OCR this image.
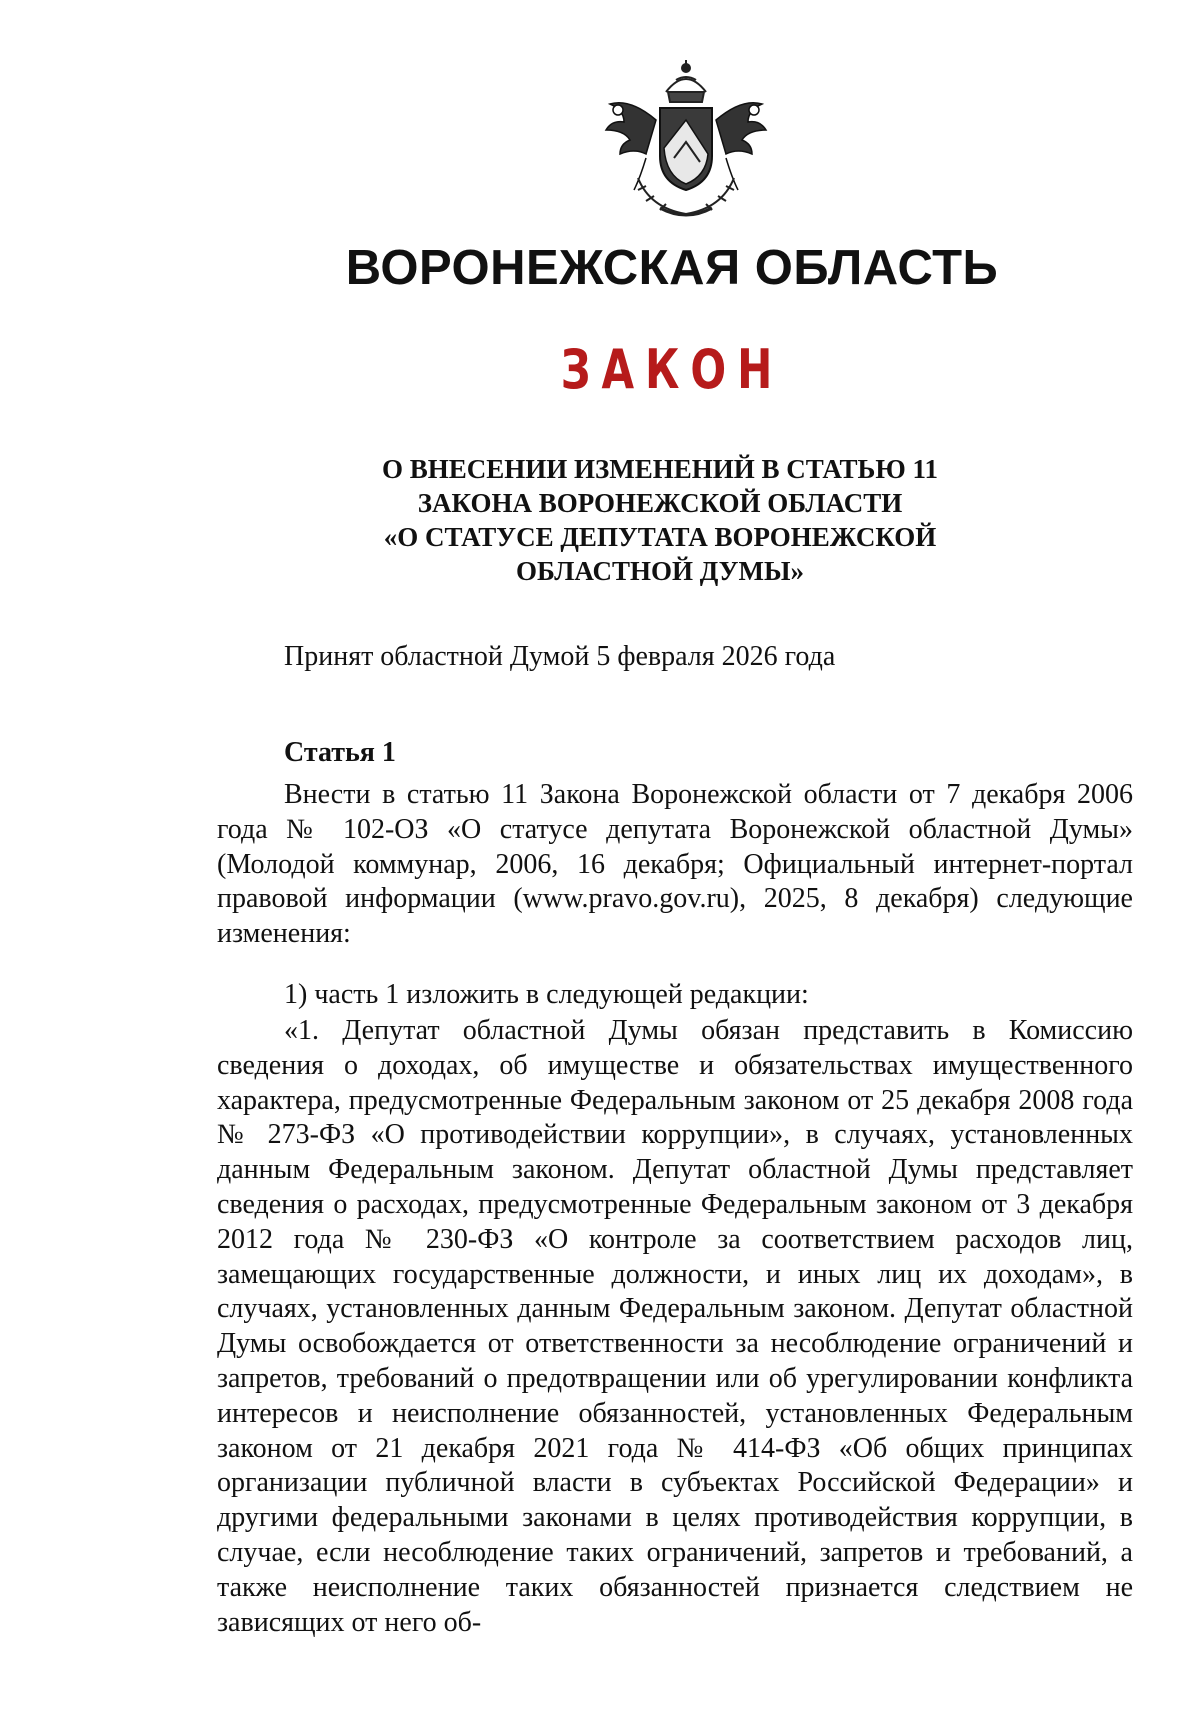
ВОРОНЕЖСКАЯ ОБЛАСТЬ
ЗАКОН
О ВНЕСЕНИИ ИЗМЕНЕНИЙ В СТАТЬЮ 11
ЗАКОНА ВОРОНЕЖСКОЙ ОБЛАСТИ
«О СТАТУСЕ ДЕПУТАТА ВОРОНЕЖСКОЙ
ОБЛАСТНОЙ ДУМЫ»
Принят областной Думой 5 февраля 2026 года
Статья 1

Внести в статью 11 Закона Воронежской области от 7 декабря 2006 года № 102-ОЗ «О статусе депутата Воронежской областной Думы» (Молодой коммунар, 2006, 16 декабря; Официальный интернет-портал правовой информации (www.pravo.gov.ru), 2025, 8 декабря) следующие изменения:

1) часть 1 изложить в следующей редакции:

«1. Депутат областной Думы обязан представить в Комиссию сведения о доходах, об имуществе и обязательствах имущественного характера, предусмотренные Федеральным законом от 25 декабря 2008 года № 273-ФЗ «О противодействии коррупции», в случаях, установленных данным Федеральным законом. Депутат областной Думы представляет сведения о расходах, предусмотренные Федеральным законом от 3 декабря 2012 года № 230-ФЗ «О контроле за соответствием расходов лиц, замещающих государственные должности, и иных лиц их доходам», в случаях, установленных данным Федеральным законом. Депутат областной Думы освобождается от ответственности за несоблюдение ограничений и запретов, требований о предотвращении или об урегулировании конфликта интересов и неисполнение обязанностей, установленных Федеральным законом от 21 декабря 2021 года № 414-ФЗ «Об общих принципах организации публичной власти в субъектах Российской Федерации» и другими федеральными законами в целях противодействия коррупции, в случае, если несоблюдение таких ограничений, запретов и требований, а также неисполнение таких обязанностей признается следствием не зависящих от него об-
